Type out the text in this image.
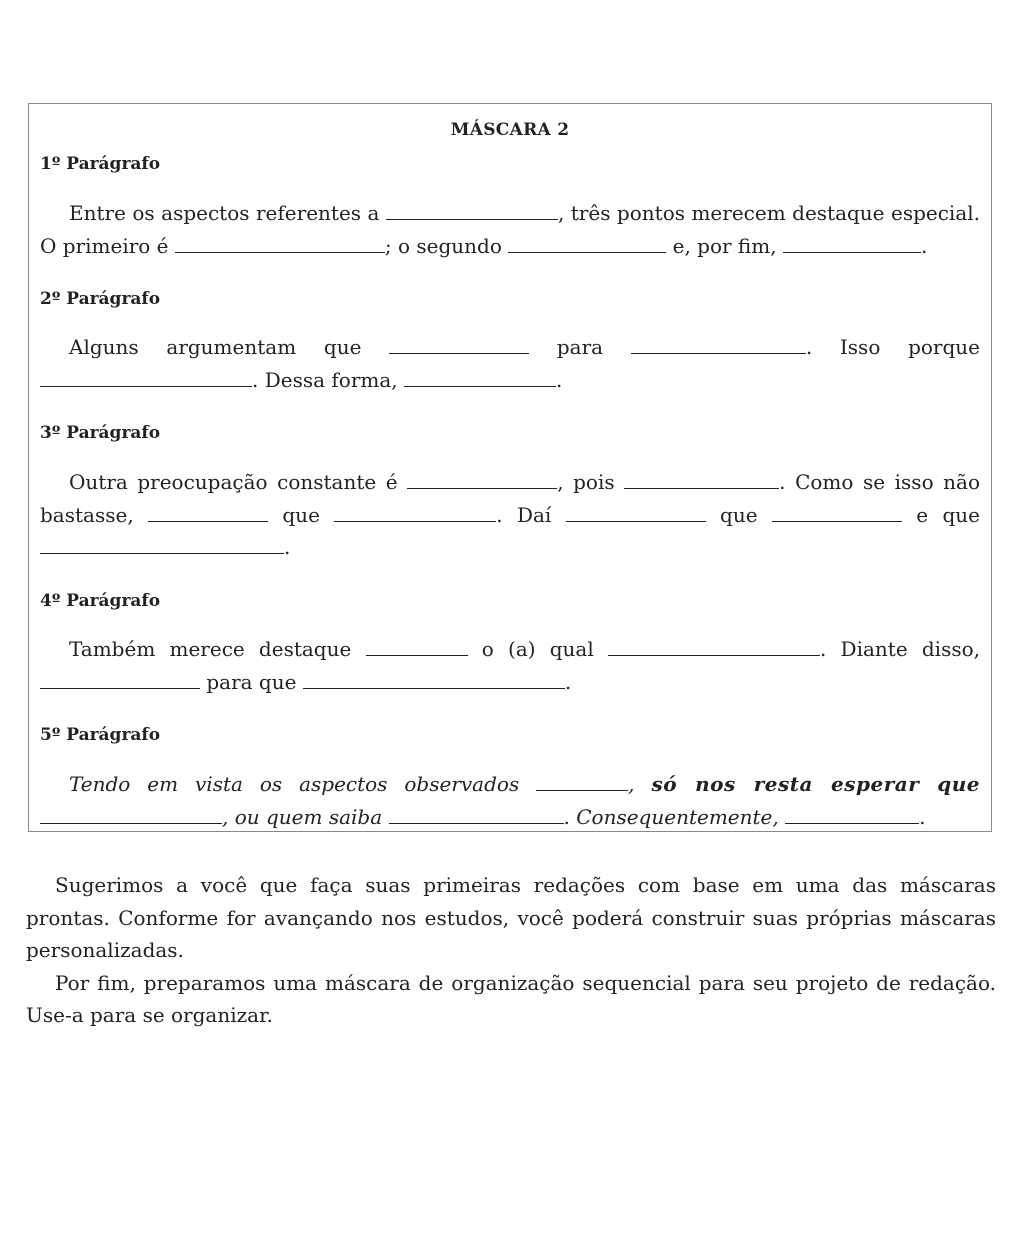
MÁSCARA 2
1º Parágrafo

Entre os aspectos referentes a	, três pontos merecem destaque especial. O primeiro é	; o segundo	e, por fim,	.

2º Parágrafo

Alguns argumentam que	para	. Isso porque . Dessa forma,	.

3º Parágrafo

Outra preocupação constante é	, pois	. Como se isso não bastasse,	que	. Daí	que	e que .

4º Parágrafo

Também merece destaque	o (a) qual	. Diante disso,  para que	.

5º Parágrafo

Tendo em vista os aspectos observados	, só nos resta esperar que , ou quem saiba	. Consequentemente,	.

Sugerimos a você que faça suas primeiras redações com base em uma das máscaras prontas. Conforme for avançando nos estudos, você poderá construir suas próprias máscaras personalizadas.

Por fim, preparamos uma máscara de organização sequencial para seu projeto de redação. Use-a para se organizar.
